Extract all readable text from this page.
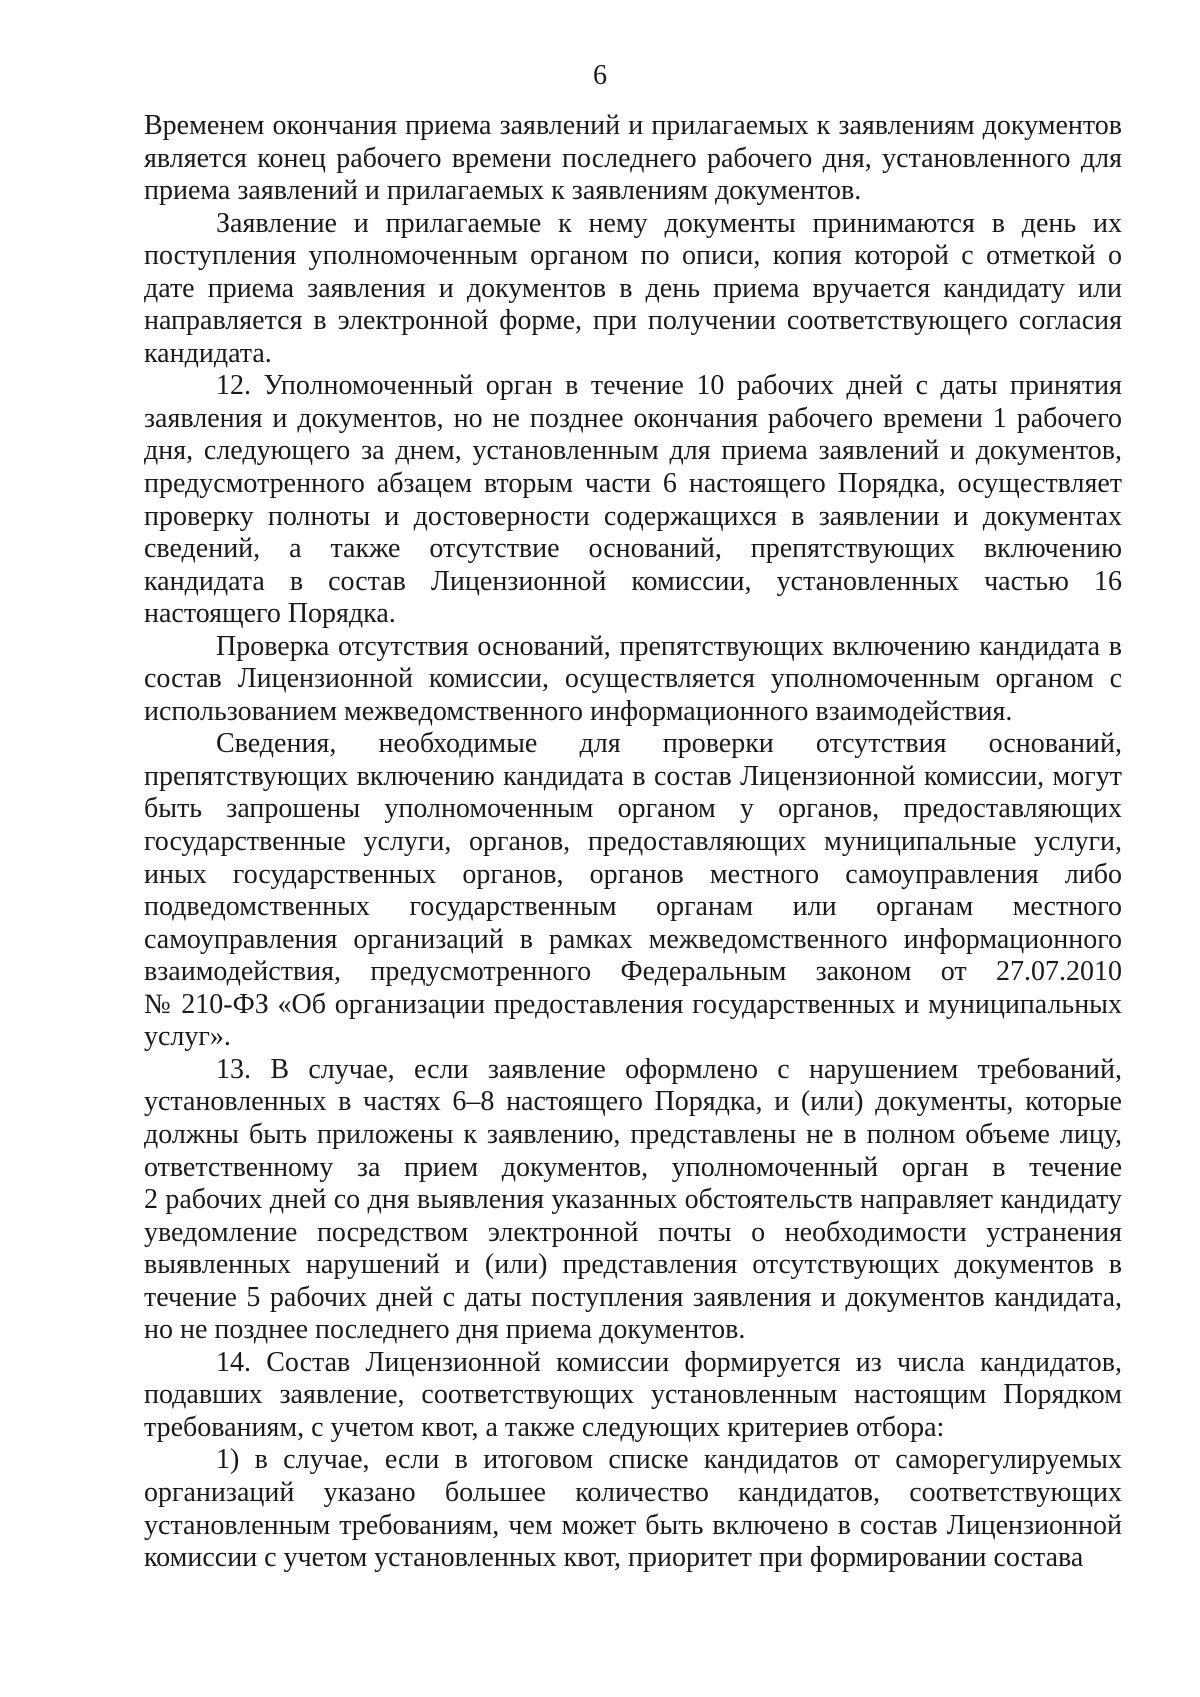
6
Временем окончания приема заявлений и прилагаемых к заявлениям документов
является конец рабочего времени последнего рабочего дня, установленного для
приема заявлений и прилагаемых к заявлениям документов.
Заявление и прилагаемые к нему документы принимаются в день их
поступления уполномоченным органом по описи, копия которой с отметкой о
дате приема заявления и документов в день приема вручается кандидату или
направляется в электронной форме, при получении соответствующего согласия
кандидата.
12. Уполномоченный орган в течение 10 рабочих дней с даты принятия
заявления и документов, но не позднее окончания рабочего времени 1 рабочего
дня, следующего за днем, установленным для приема заявлений и документов,
предусмотренного абзацем вторым части 6 настоящего Порядка, осуществляет
проверку полноты и достоверности содержащихся в заявлении и документах
сведений, а также отсутствие оснований, препятствующих включению
кандидата в состав Лицензионной комиссии, установленных частью 16
настоящего Порядка.
Проверка отсутствия оснований, препятствующих включению кандидата в
состав Лицензионной комиссии, осуществляется уполномоченным органом с
использованием межведомственного информационного взаимодействия.
Сведения, необходимые для проверки отсутствия оснований,
препятствующих включению кандидата в состав Лицензионной комиссии, могут
быть запрошены уполномоченным органом у органов, предоставляющих
государственные услуги, органов, предоставляющих муниципальные услуги,
иных государственных органов, органов местного самоуправления либо
подведомственных государственным органам или органам местного
самоуправления организаций в рамках межведомственного информационного
взаимодействия, предусмотренного Федеральным законом от 27.07.2010
№ 210-ФЗ «Об организации предоставления государственных и муниципальных
услуг».
13. В случае, если заявление оформлено с нарушением требований,
установленных в частях 6–8 настоящего Порядка, и (или) документы, которые
должны быть приложены к заявлению, представлены не в полном объеме лицу,
ответственному за прием документов, уполномоченный орган в течение
2 рабочих дней со дня выявления указанных обстоятельств направляет кандидату
уведомление посредством электронной почты о необходимости устранения
выявленных нарушений и (или) представления отсутствующих документов в
течение 5 рабочих дней с даты поступления заявления и документов кандидата,
но не позднее последнего дня приема документов.
14. Состав Лицензионной комиссии формируется из числа кандидатов,
подавших заявление, соответствующих установленным настоящим Порядком
требованиям, с учетом квот, а также следующих критериев отбора:
1) в случае, если в итоговом списке кандидатов от саморегулируемых
организаций указано большее количество кандидатов, соответствующих
установленным требованиям, чем может быть включено в состав Лицензионной
комиссии с учетом установленных квот, приоритет при формировании состава
